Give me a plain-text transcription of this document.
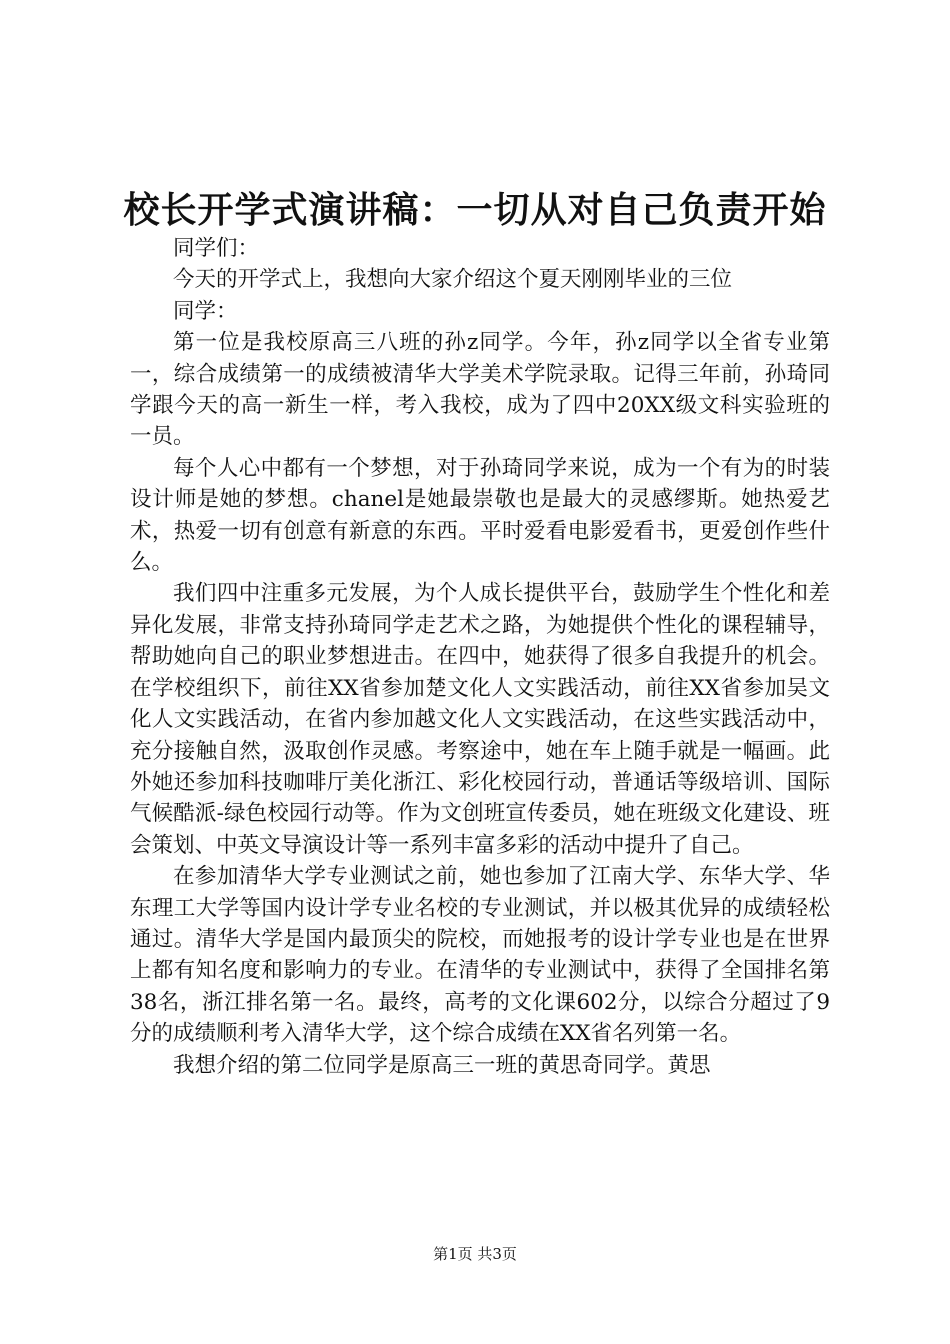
校长开学式演讲稿：一切从对自己负责开始

同学们：

今天的开学式上，我想向大家介绍这个夏天刚刚毕业的三位

同学：

第一位是我校原高三八班的孙z同学。今年，孙z同学以全省专业第一，综合成绩第一的成绩被清华大学美术学院录取。记得三年前，孙琦同学跟今天的高一新生一样，考入我校，成为了四中20XX级文科实验班的一员。

每个人心中都有一个梦想，对于孙琦同学来说，成为一个有为的时装设计师是她的梦想。chanel是她最崇敬也是最大的灵感缪斯。她热爱艺术，热爱一切有创意有新意的东西。平时爱看电影爱看书，更爱创作些什么。

我们四中注重多元发展，为个人成长提供平台，鼓励学生个性化和差异化发展，非常支持孙琦同学走艺术之路，为她提供个性化的课程辅导，帮助她向自己的职业梦想进击。在四中，她获得了很多自我提升的机会。在学校组织下，前往XX省参加楚文化人文实践活动，前往XX省参加吴文化人文实践活动，在省内参加越文化人文实践活动，在这些实践活动中，充分接触自然，汲取创作灵感。考察途中，她在车上随手就是一幅画。此外她还参加科技咖啡厅美化浙江、彩化校园行动，普通话等级培训、国际气候酷派-绿色校园行动等。作为文创班宣传委员，她在班级文化建设、班会策划、中英文导演设计等一系列丰富多彩的活动中提升了自己。

在参加清华大学专业测试之前，她也参加了江南大学、东华大学、华东理工大学等国内设计学专业名校的专业测试，并以极其优异的成绩轻松通过。清华大学是国内最顶尖的院校，而她报考的设计学专业也是在世界上都有知名度和影响力的专业。在清华的专业测试中，获得了全国排名第38名，浙江排名第一名。最终，高考的文化课602分，以综合分超过了9分的成绩顺利考入清华大学，这个综合成绩在XX省名列第一名。

我想介绍的第二位同学是原高三一班的黄思奇同学。黄思

第1页 共3页
